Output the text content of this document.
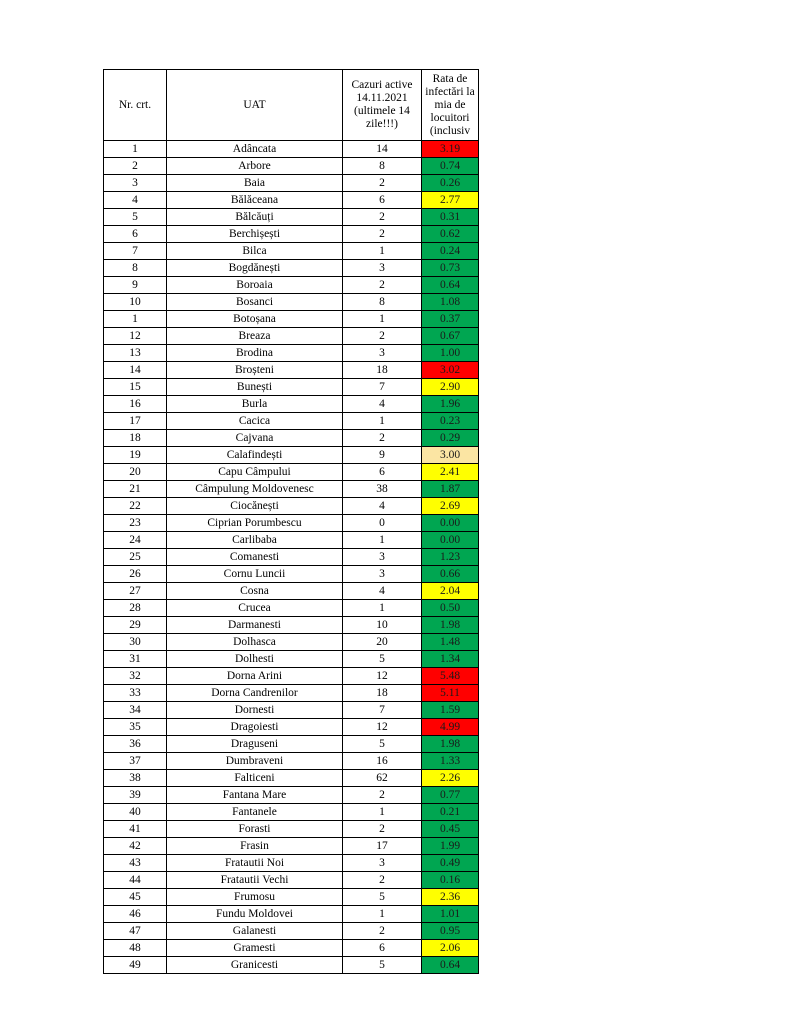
Nr. crt.	UAT	Cazuri active 14.11.2021 (ultimele 14 zile!!!)	Rata de infectări la mia de locuitori (inclusiv

1	Adâncata	14	3.19
2	Arbore	8	0.74
3	Baia	2	0.26
4	Bălăceana	6	2.77
5	Bălcăuți	2	0.31
6	Berchișești	2	0.62
7	Bilca	1	0.24
8	Bogdănești	3	0.73
9	Boroaia	2	0.64
10	Bosanci	8	1.08
1	Botoșana	1	0.37
12	Breaza	2	0.67
13	Brodina	3	1.00
14	Broșteni	18	3.02
15	Bunești	7	2.90
16	Burla	4	1.96
17	Cacica	1	0.23
18	Cajvana	2	0.29
19	Calafindești	9	3.00
20	Capu Câmpului	6	2.41
21	Câmpulung Moldovenesc	38	1.87
22	Ciocănești	4	2.69
23	Ciprian Porumbescu	0	0.00
24	Carlibaba	1	0.00
25	Comanesti	3	1.23
26	Cornu Luncii	3	0.66
27	Cosna	4	2.04
28	Crucea	1	0.50
29	Darmanesti	10	1.98
30	Dolhasca	20	1.48
31	Dolhesti	5	1.34
32	Dorna Arini	12	5.48
33	Dorna Candrenilor	18	5.11
34	Dornesti	7	1.59
35	Dragoiesti	12	4.99
36	Draguseni	5	1.98
37	Dumbraveni	16	1.33
38	Falticeni	62	2.26
39	Fantana Mare	2	0.77
40	Fantanele	1	0.21
41	Forasti	2	0.45
42	Frasin	17	1.99
43	Fratautii Noi	3	0.49
44	Fratautii Vechi	2	0.16
45	Frumosu	5	2.36
46	Fundu Moldovei	1	1.01
47	Galanesti	2	0.95
48	Gramesti	6	2.06
49	Granicesti	5	0.64
